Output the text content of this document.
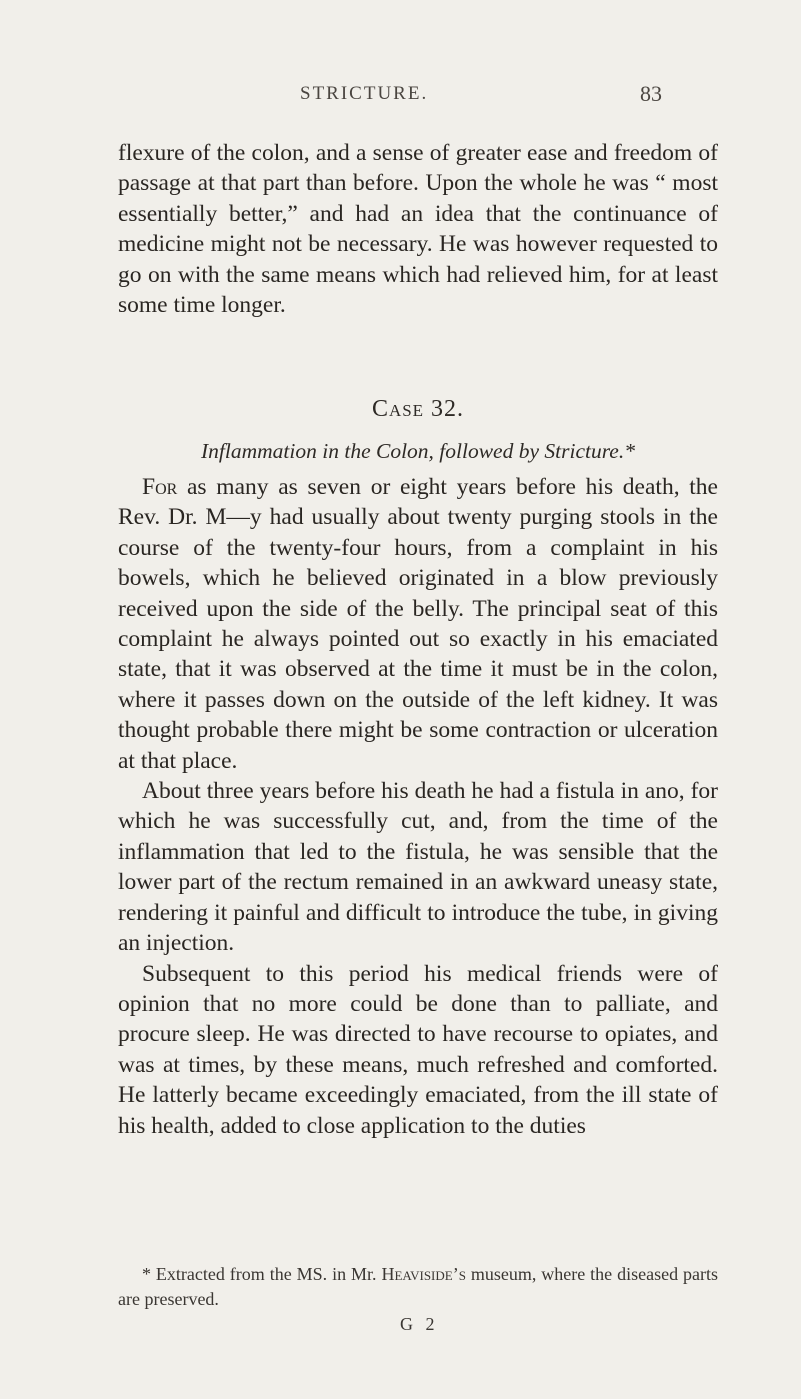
STRICTURE.	83

flexure of the colon, and a sense of greater ease and freedom of passage at that part than before. Upon the whole he was “ most essentially better,” and had an idea that the continuance of medicine might not be necessary. He was however requested to go on with the same means which had relieved him, for at least some time longer.

Case 32.
Inflammation in the Colon, followed by Stricture.*

For as many as seven or eight years before his death, the Rev. Dr. M—y had usually about twenty purging stools in the course of the twenty-four hours, from a complaint in his bowels, which he believed originated in a blow previously received upon the side of the belly. The principal seat of this complaint he always pointed out so exactly in his emaciated state, that it was observed at the time it must be in the colon, where it passes down on the outside of the left kidney. It was thought probable there might be some contraction or ulceration at that place.

About three years before his death he had a fistula in ano, for which he was successfully cut, and, from the time of the inflammation that led to the fistula, he was sensible that the lower part of the rectum remained in an awkward uneasy state, rendering it painful and difficult to introduce the tube, in giving an injection.

Subsequent to this period his medical friends were of opinion that no more could be done than to palliate, and procure sleep. He was directed to have recourse to opiates, and was at times, by these means, much refreshed and comforted. He latterly became exceedingly emaciated, from the ill state of his health, added to close application to the duties

* Extracted from the MS. in Mr. Heaviside’s museum, where the diseased parts are preserved.

G 2
